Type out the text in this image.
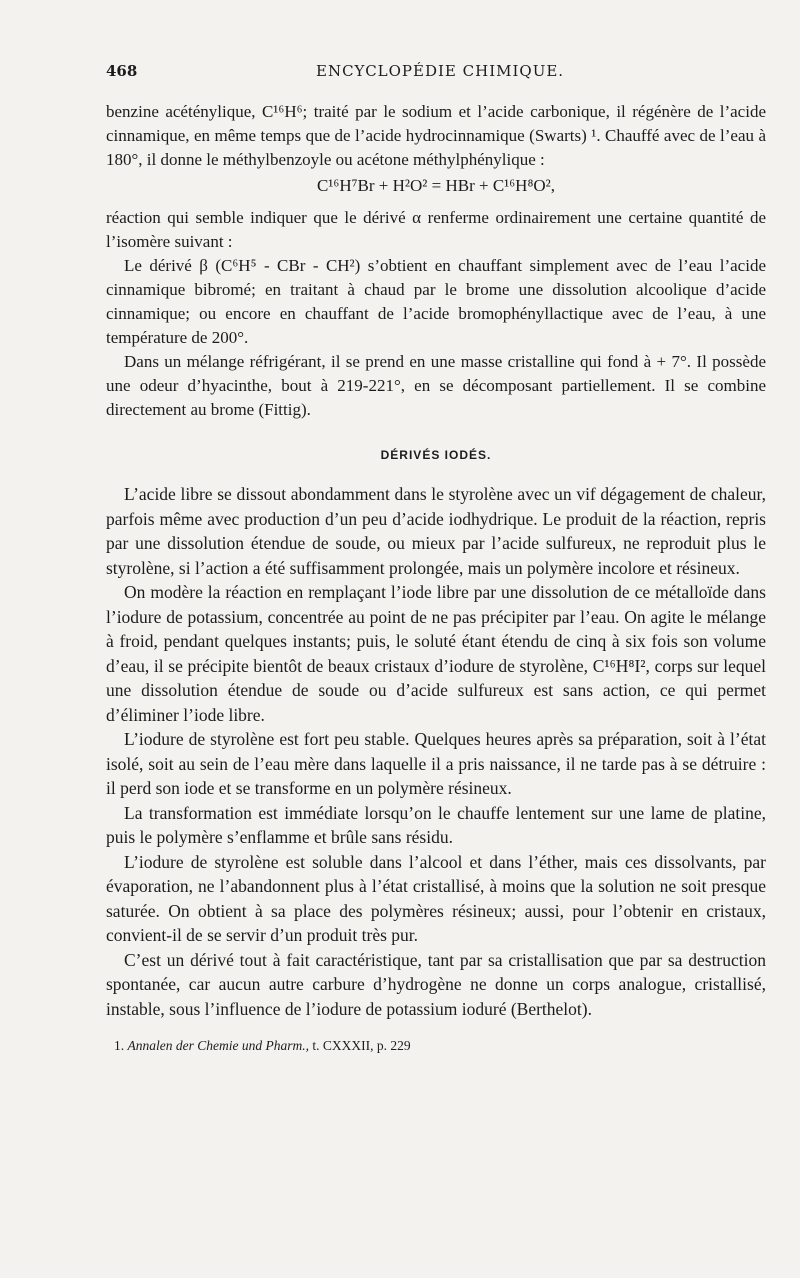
468	ENCYCLOPÉDIE CHIMIQUE.

benzine acéténylique, C¹⁶H⁶; traité par le sodium et l’acide carbonique, il régénère de l’acide cinnamique, en même temps que de l’acide hydrocinnamique (Swarts) ¹. Chauffé avec de l’eau à 180°, il donne le méthylbenzoyle ou acétone méthylphénylique :

C¹⁶H⁷Br + H²O² = HBr + C¹⁶H⁸O²,

réaction qui semble indiquer que le dérivé α renferme ordinairement une certaine quantité de l’isomère suivant :

Le dérivé β (C⁶H⁵ - CBr - CH²) s’obtient en chauffant simplement avec de l’eau l’acide cinnamique bibromé; en traitant à chaud par le brome une dissolution alcoolique d’acide cinnamique; ou encore en chauffant de l’acide bromophényllactique avec de l’eau, à une température de 200°.

Dans un mélange réfrigérant, il se prend en une masse cristalline qui fond à + 7°. Il possède une odeur d’hyacinthe, bout à 219-221°, en se décomposant partiellement. Il se combine directement au brome (Fittig).

DÉRIVÉS IODÉS.

L’acide libre se dissout abondamment dans le styrolène avec un vif dégagement de chaleur, parfois même avec production d’un peu d’acide iodhydrique. Le produit de la réaction, repris par une dissolution étendue de soude, ou mieux par l’acide sulfureux, ne reproduit plus le styrolène, si l’action a été suffisamment prolongée, mais un polymère incolore et résineux.

On modère la réaction en remplaçant l’iode libre par une dissolution de ce métalloïde dans l’iodure de potassium, concentrée au point de ne pas précipiter par l’eau. On agite le mélange à froid, pendant quelques instants; puis, le soluté étant étendu de cinq à six fois son volume d’eau, il se précipite bientôt de beaux cristaux d’iodure de styrolène, C¹⁶H⁸I², corps sur lequel une dissolution étendue de soude ou d’acide sulfureux est sans action, ce qui permet d’éliminer l’iode libre.

L’iodure de styrolène est fort peu stable. Quelques heures après sa préparation, soit à l’état isolé, soit au sein de l’eau mère dans laquelle il a pris naissance, il ne tarde pas à se détruire : il perd son iode et se transforme en un polymère résineux.

La transformation est immédiate lorsqu’on le chauffe lentement sur une lame de platine, puis le polymère s’enflamme et brûle sans résidu.

L’iodure de styrolène est soluble dans l’alcool et dans l’éther, mais ces dissolvants, par évaporation, ne l’abandonnent plus à l’état cristallisé, à moins que la solution ne soit presque saturée. On obtient à sa place des polymères résineux; aussi, pour l’obtenir en cristaux, convient-il de se servir d’un produit très pur.

C’est un dérivé tout à fait caractéristique, tant par sa cristallisation que par sa destruction spontanée, car aucun autre carbure d’hydrogène ne donne un corps analogue, cristallisé, instable, sous l’influence de l’iodure de potassium ioduré (Berthelot).

1. Annalen der Chemie und Pharm., t. CXXXII, p. 229
